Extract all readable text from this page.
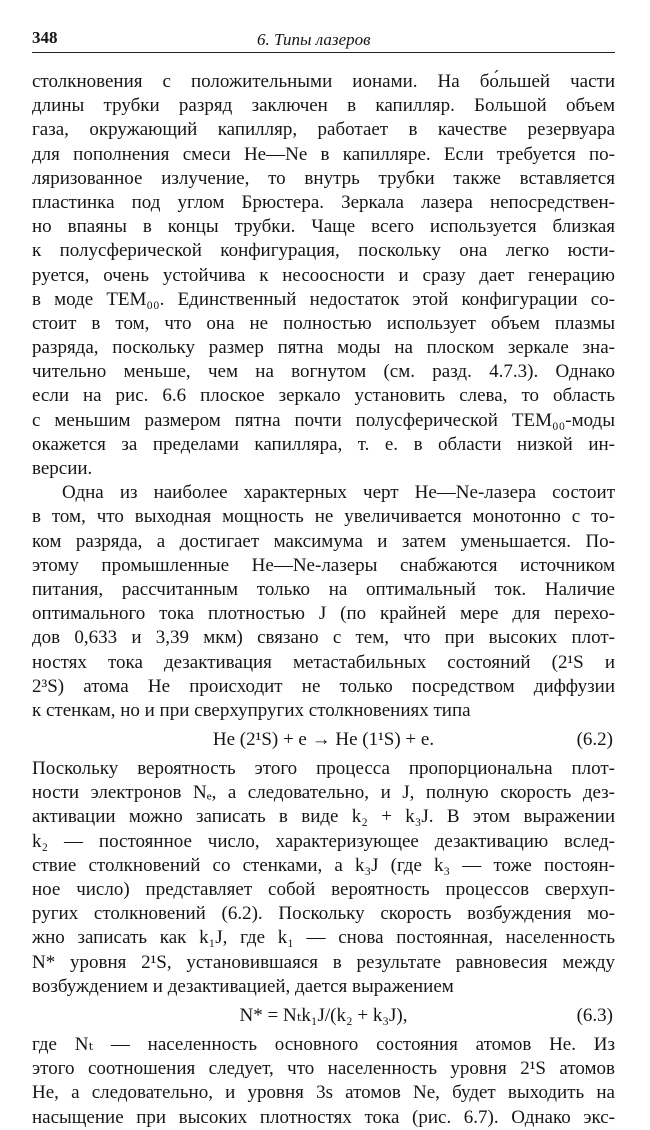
348	6. Типы лазеров
столкновения с положительными ионами. На бо́льшей части
длины трубки разряд заключен в капилляр. Большой объем
газа, окружающий капилляр, работает в качестве резервуара
для пополнения смеси He—Ne в капилляре. Если требуется по-
ляризованное излучение, то внутрь трубки также вставляется
пластинка под углом Брюстера. Зеркала лазера непосредствен-
но впаяны в концы трубки. Чаще всего используется близкая
к полусферической конфигурация, поскольку она легко юсти-
руется, очень устойчива к несоосности и сразу дает генерацию
в моде TEM₀₀. Единственный недостаток этой конфигурации со-
стоит в том, что она не полностью использует объем плазмы
разряда, поскольку размер пятна моды на плоском зеркале зна-
чительно меньше, чем на вогнутом (см. разд. 4.7.3). Однако
если на рис. 6.6 плоское зеркало установить слева, то область
с меньшим размером пятна почти полусферической TEM₀₀-моды
окажется за пределами капилляра, т. е. в области низкой ин-
версии.
Одна из наиболее характерных черт He—Ne-лазера состоит
в том, что выходная мощность не увеличивается монотонно с то-
ком разряда, а достигает максимума и затем уменьшается. По-
этому промышленные He—Ne-лазеры снабжаются источником
питания, рассчитанным только на оптимальный ток. Наличие
оптимального тока плотностью J (по крайней мере для перехо-
дов 0,633 и 3,39 мкм) связано с тем, что при высоких плот-
ностях тока дезактивация метастабильных состояний (2¹S и
2³S) атома He происходит не только посредством диффузии
к стенкам, но и при сверхупругих столкновениях типа
He (2¹S) + e → He (1¹S) + e.	(6.2)
Поскольку вероятность этого процесса пропорциональна плот-
ности электронов Nₑ, а следовательно, и J, полную скорость дез-
активации можно записать в виде k₂ + k₃J. В этом выражении
k₂ — постоянное число, характеризующее дезактивацию вслед-
ствие столкновений со стенками, а k₃J (где k₃ — тоже постоян-
ное число) представляет собой вероятность процессов сверхуп-
ругих столкновений (6.2). Поскольку скорость возбуждения мо-
жно записать как k₁J, где k₁ — снова постоянная, населенность
N* уровня 2¹S, установившаяся в результате равновесия между
возбуждением и дезактивацией, дается выражением
N* = Nₜk₁J/(k₂ + k₃J),	(6.3)
где Nₜ — населенность основного состояния атомов He. Из
этого соотношения следует, что населенность уровня 2¹S атомов
He, а следовательно, и уровня 3s атомов Ne, будет выходить на
насыщение при высоких плотностях тока (рис. 6.7). Однако экс-
